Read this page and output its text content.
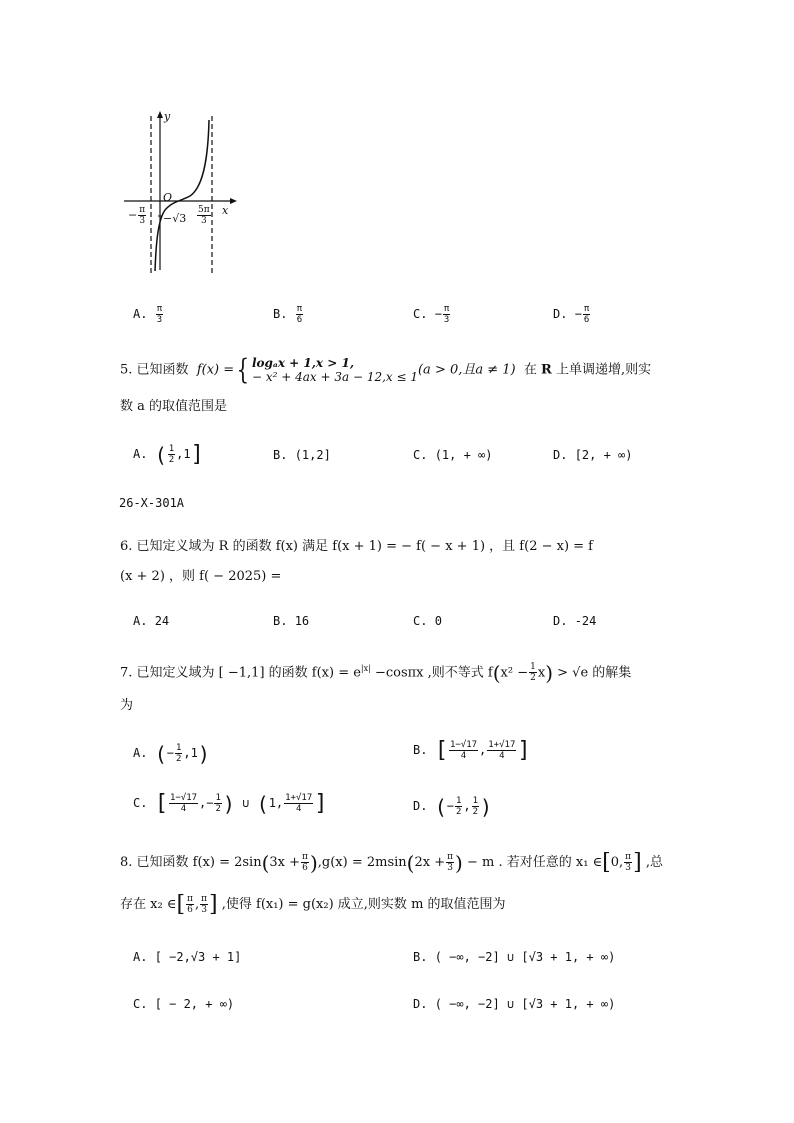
y
x
O
− $\frac{\pi}{3} -√3 \frac{5\pi}{3}$
A. $\frac{\pi}{3}$	B. $\frac{\pi}{6}$	C. − $\frac{\pi}{3}$	D. − $\frac{\pi}{6}$
5. 已知函数 f(x) ={ logₐx + 1,x > 1,
− x² + 4ax + 3a − 12,x ≤ 1 (a > 0,且a ≠ 1) 在 R 上单调递增,则实
数 a 的取值范围是
A. ( $\frac{1}{2} ,1$]	B. (1,2]	C. (1, + ∞)	D. [2, + ∞)
26-X-301A
6. 已知定义域为 R 的函数 f(x) 满足 f(x + 1) = − f( − x + 1) ，且 f(2 − x) = f
(x + 2) ，则 f( − 2025) =
A. 24	B. 16	C. 0	D. -24
7. 已知定义域为 [ −1,1] 的函数 $f(x) = e^{|x|} -\cos\pi x$ ,则不等式 $f(x^2 - \frac{1}{2} x) > √e$ 的解集
为
A. (− $\frac{1}{2} ,1$)	B. [ $\frac{1-√17}{4}$ , $\frac{1+√17}{4}$ ]
C. [ $\frac{1-√17}{4}$ ,− $\frac{1}{2}$ ) ∪ (1, $\frac{1+√17}{4}$ ]	D. (− $\frac{1}{2}$ , $\frac{1}{2}$ )
8. 已知函数 $f(x) = 2\sin(3x + \frac{\pi}{6} ),g(x) = 2msin(2x + \frac{\pi}{3}$ ) − m . 若对任意的 x₁ ∈[0, $\frac{\pi}{3}$ ] ,总
存在 x₂ ∈[ $\frac{\pi}{6}$ , $\frac{\pi}{3}$ ] ,使得 f(x₁) = g(x₂) 成立,则实数 m 的取值范围为
A. [ −2,√3 + 1]	B. ( −∞, −2] ∪ [√3 + 1, + ∞)
C. [ − 2, + ∞)	D. ( −∞, −2] ∪ [√3 + 1, + ∞)
